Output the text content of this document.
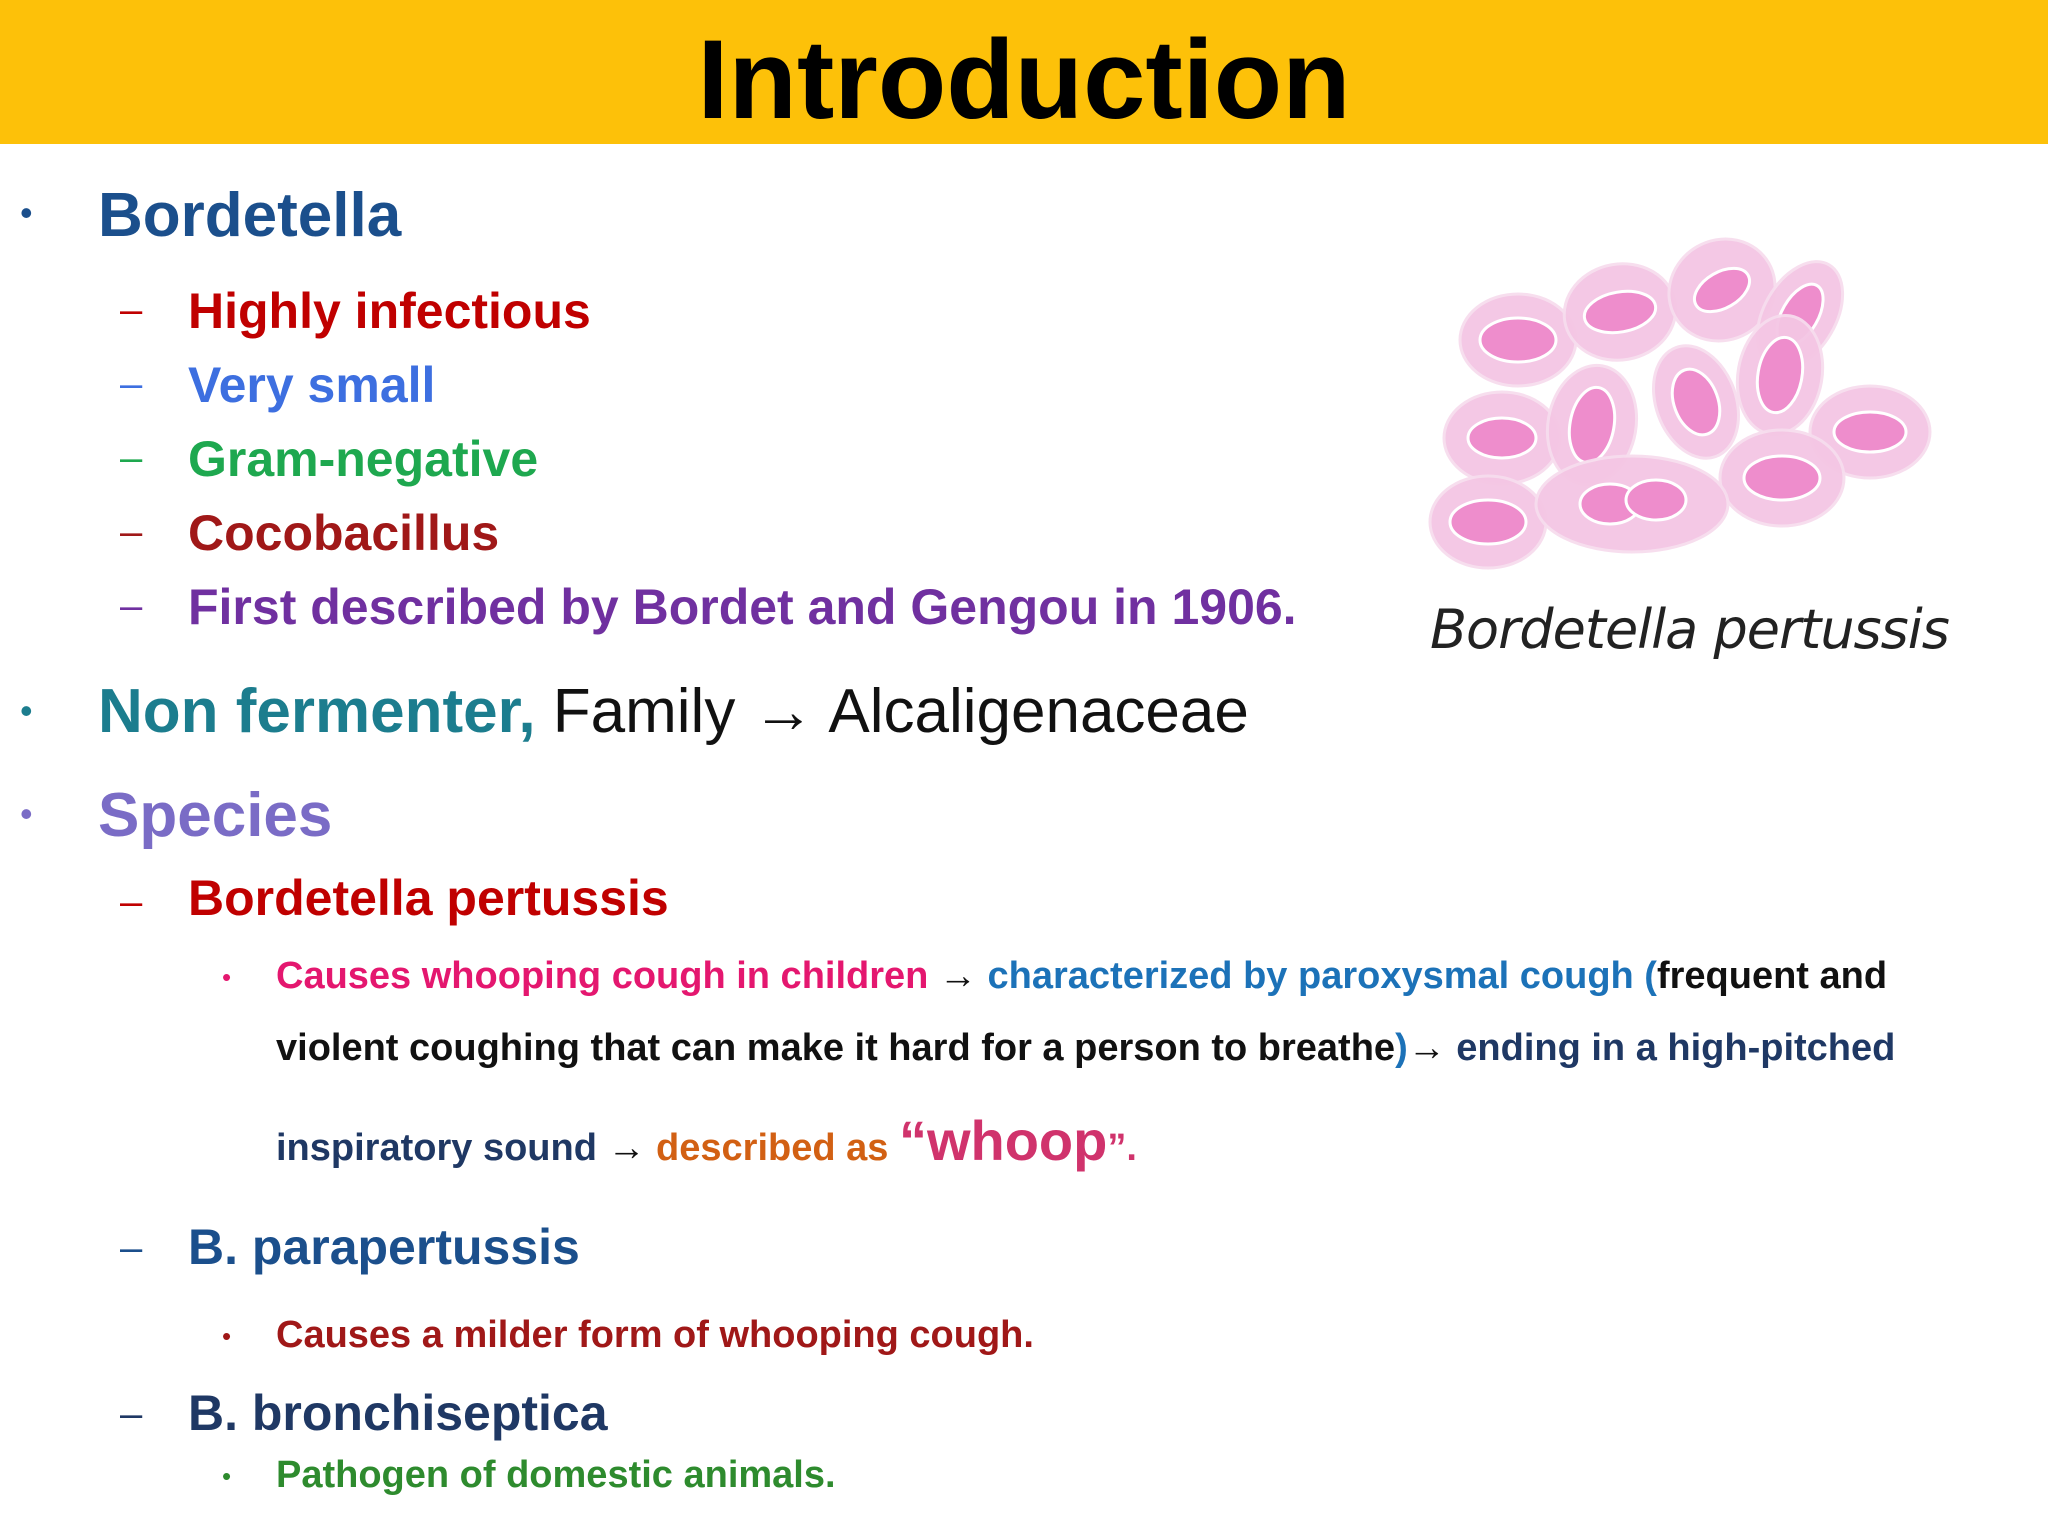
Introduction
• Bordetella
– Highly infectious
– Very small
– Gram-negative
– Cocobacillus
– First described by Bordet and Gengou in 1906.
• Non fermenter, Family → Alcaligenaceae
• Species
– Bordetella pertussis
• Causes whooping cough in children → characterized by paroxysmal cough (frequent and
violent coughing that can make it hard for a person to breathe)→ ending in a high-pitched
inspiratory sound → described as “whoop”.
– B. parapertussis
• Causes a milder form of whooping cough.
– B. bronchiseptica
• Pathogen of domestic animals.
Bordetella pertussis
